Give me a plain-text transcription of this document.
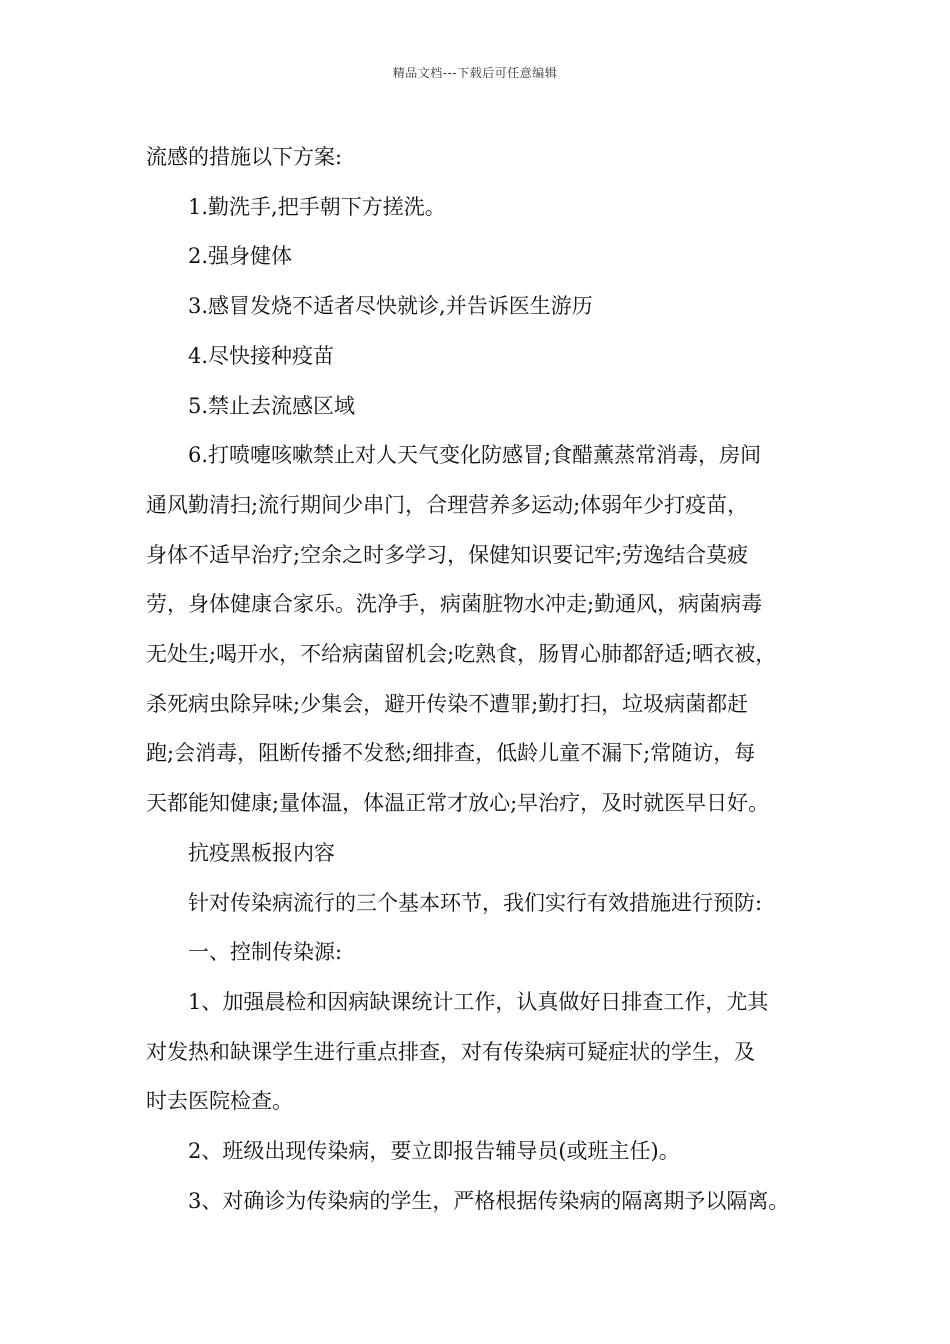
精品文档---下载后可任意编辑
流感的措施以下方案:
1.勤洗手,把手朝下方搓洗。
2.强身健体
3.感冒发烧不适者尽快就诊,并告诉医生游历
4.尽快接种疫苗
5.禁止去流感区域
6.打喷嚏咳嗽禁止对人天气变化防感冒;食醋薰蒸常消毒，房间
通风勤清扫;流行期间少串门，合理营养多运动;体弱年少打疫苗，
身体不适早治疗;空余之时多学习，保健知识要记牢;劳逸结合莫疲
劳，身体健康合家乐。洗净手，病菌脏物水冲走;勤通风，病菌病毒
无处生;喝开水，不给病菌留机会;吃熟食，肠胃心肺都舒适;晒衣被，
杀死病虫除异味;少集会，避开传染不遭罪;勤打扫，垃圾病菌都赶
跑;会消毒，阻断传播不发愁;细排查，低龄儿童不漏下;常随访，每
天都能知健康;量体温，体温正常才放心;早治疗，及时就医早日好。
抗疫黑板报内容
针对传染病流行的三个基本环节，我们实行有效措施进行预防:
一、控制传染源:
1、加强晨检和因病缺课统计工作，认真做好日排查工作，尤其
对发热和缺课学生进行重点排查，对有传染病可疑症状的学生，及
时去医院检查。
2、班级出现传染病，要立即报告辅导员(或班主任)。
3、对确诊为传染病的学生，严格根据传染病的隔离期予以隔离。
